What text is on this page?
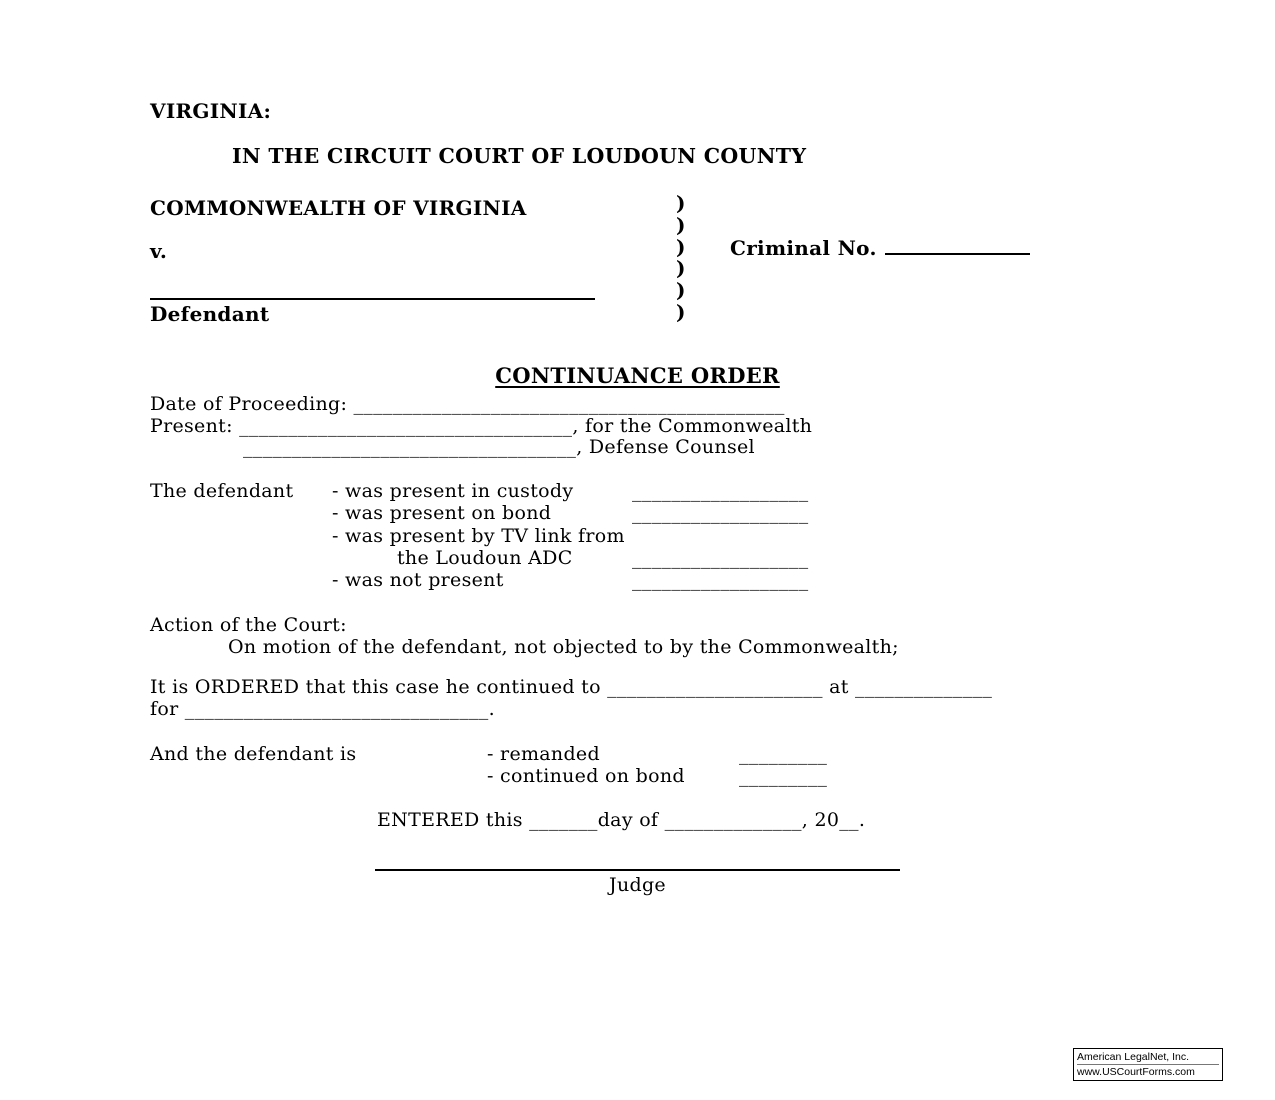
VIRGINIA:
IN THE CIRCUIT COURT OF LOUDOUN COUNTY
COMMONWEALTH OF VIRGINIA
v.
)
)
)
)
)
)
Criminal No.
Defendant
CONTINUANCE ORDER
Date of Proceeding: ____________________________________________
Present: __________________________________, for the Commonwealth
__________________________________, Defense Counsel
The defendant	- was present in custody	__________________
- was present on bond	__________________
- was present by TV link from
the Loudoun ADC	__________________
- was not present	__________________
Action of the Court:
On motion of the defendant, not objected to by the Commonwealth;
It is ORDERED that this case he continued to ______________________ at ______________
for _______________________________.
And the defendant is	- remanded	_________
- continued on bond	_________
ENTERED this _______day of ______________, 20__.
Judge
American LegalNet, Inc.
www.USCourtForms.com
